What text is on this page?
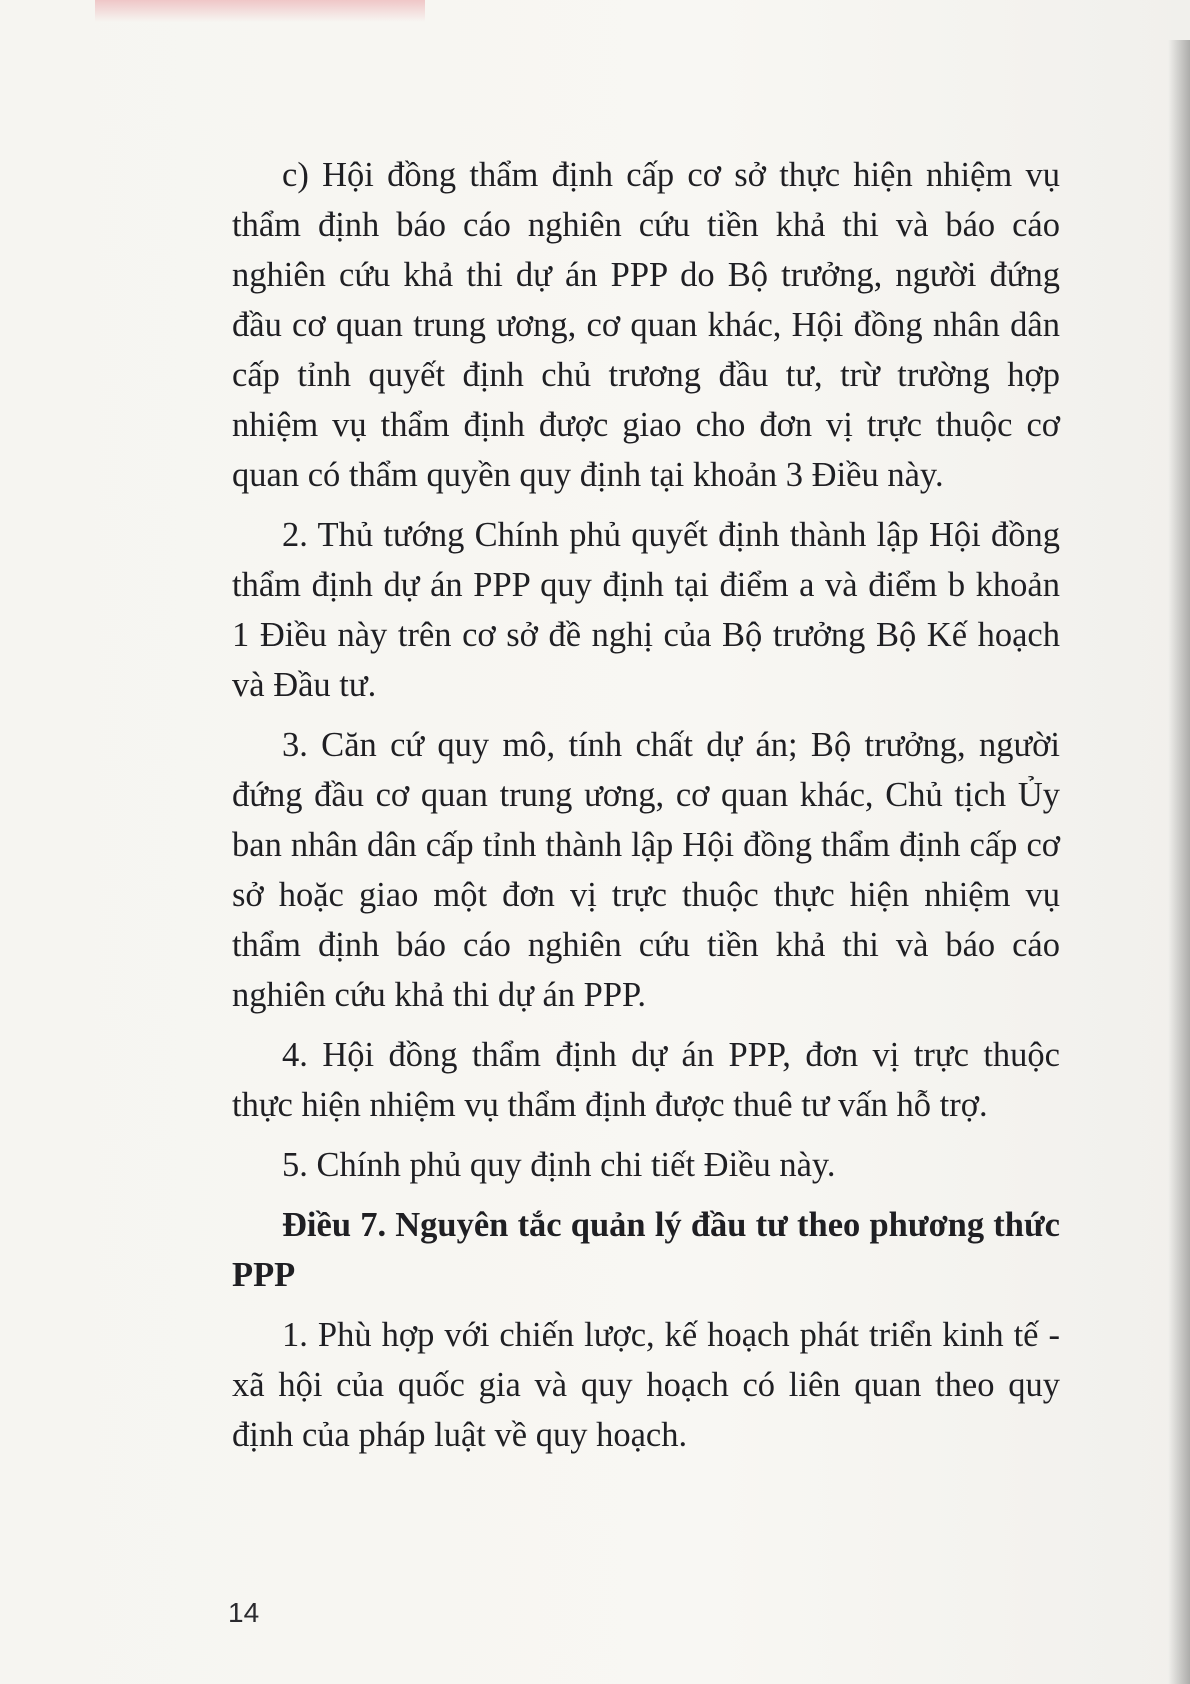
c) Hội đồng thẩm định cấp cơ sở thực hiện nhiệm vụ thẩm định báo cáo nghiên cứu tiền khả thi và báo cáo nghiên cứu khả thi dự án PPP do Bộ trưởng, người đứng đầu cơ quan trung ương, cơ quan khác, Hội đồng nhân dân cấp tỉnh quyết định chủ trương đầu tư, trừ trường hợp nhiệm vụ thẩm định được giao cho đơn vị trực thuộc cơ quan có thẩm quyền quy định tại khoản 3 Điều này.

2. Thủ tướng Chính phủ quyết định thành lập Hội đồng thẩm định dự án PPP quy định tại điểm a và điểm b khoản 1 Điều này trên cơ sở đề nghị của Bộ trưởng Bộ Kế hoạch và Đầu tư.

3. Căn cứ quy mô, tính chất dự án; Bộ trưởng, người đứng đầu cơ quan trung ương, cơ quan khác, Chủ tịch Ủy ban nhân dân cấp tỉnh thành lập Hội đồng thẩm định cấp cơ sở hoặc giao một đơn vị trực thuộc thực hiện nhiệm vụ thẩm định báo cáo nghiên cứu tiền khả thi và báo cáo nghiên cứu khả thi dự án PPP.

4. Hội đồng thẩm định dự án PPP, đơn vị trực thuộc thực hiện nhiệm vụ thẩm định được thuê tư vấn hỗ trợ.

5. Chính phủ quy định chi tiết Điều này.

Điều 7. Nguyên tắc quản lý đầu tư theo phương thức PPP

1. Phù hợp với chiến lược, kế hoạch phát triển kinh tế - xã hội của quốc gia và quy hoạch có liên quan theo quy định của pháp luật về quy hoạch.

14
